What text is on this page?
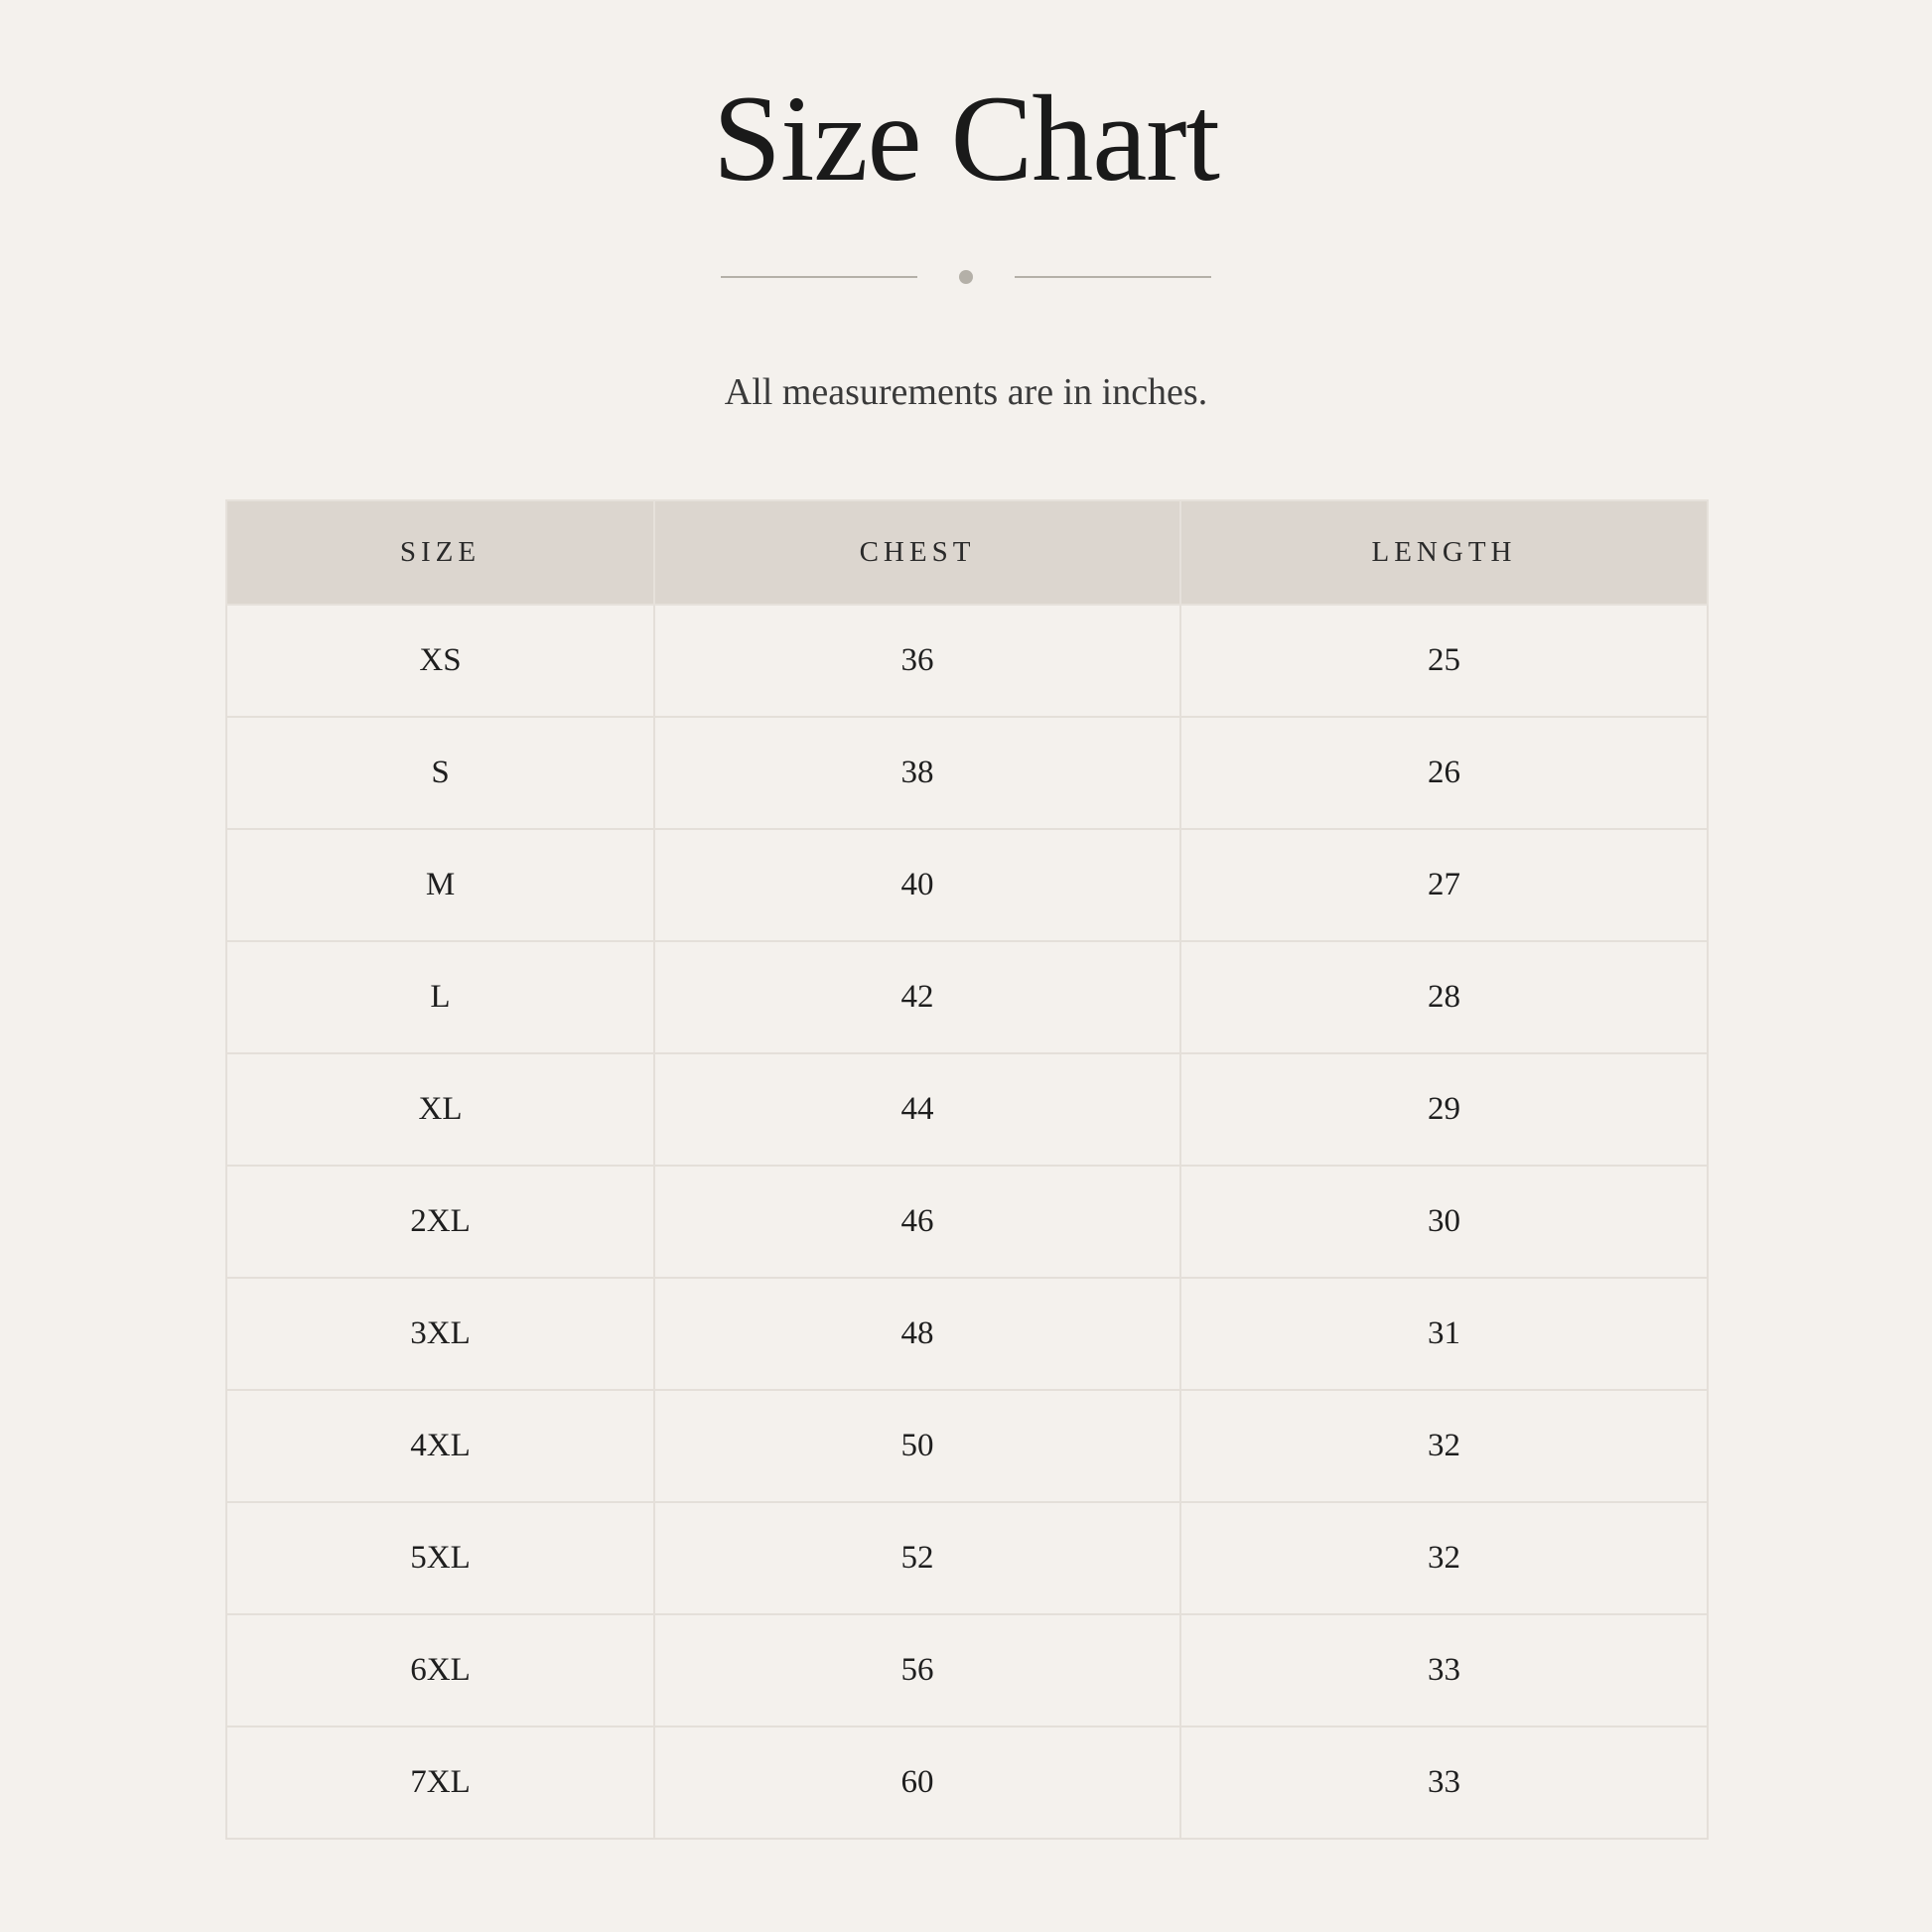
Size Chart
All measurements are in inches.
SIZE	CHEST	LENGTH
XS	36	25
S	38	26
M	40	27
L	42	28
XL	44	29
2XL	46	30
3XL	48	31
4XL	50	32
5XL	52	32
6XL	56	33
7XL	60	33
